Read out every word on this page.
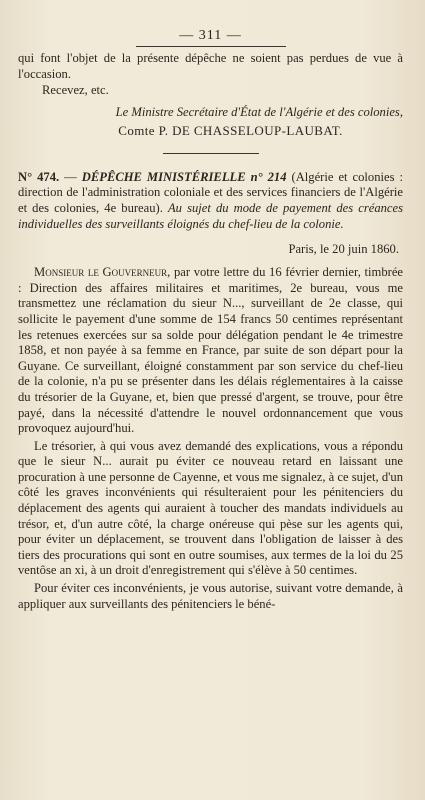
— 311 —

qui font l'objet de la présente dépêche ne soient pas perdues de vue à l'occasion.

Recevez, etc.

Le Ministre Secrétaire d'État de l'Algérie et des colonies,
Comte P. DE CHASSELOUP-LAUBAT.

N° 474. — DÉPÊCHE MINISTÉRIELLE n° 214 (Algérie et colonies : direction de l'administration coloniale et des services financiers de l'Algérie et des colonies, 4e bureau). Au sujet du mode de payement des créances individuelles des surveillants éloignés du chef-lieu de la colonie.

Paris, le 20 juin 1860.

Monsieur le Gouverneur, par votre lettre du 16 février dernier, timbrée : Direction des affaires militaires et maritimes, 2e bureau, vous me transmettez une réclamation du sieur N..., surveillant de 2e classe, qui sollicite le payement d'une somme de 154 francs 50 centimes représentant les retenues exercées sur sa solde pour délégation pendant le 4e trimestre 1858, et non payée à sa femme en France, par suite de son départ pour la Guyane. Ce surveillant, éloigné constamment par son service du chef-lieu de la colonie, n'a pu se présenter dans les délais réglementaires à la caisse du trésorier de la Guyane, et, bien que pressé d'argent, se trouve, pour être payé, dans la nécessité d'attendre le nouvel ordonnancement que vous provoquez aujourd'hui.

Le trésorier, à qui vous avez demandé des explications, vous a répondu que le sieur N... aurait pu éviter ce nouveau retard en laissant une procuration à une personne de Cayenne, et vous me signalez, à ce sujet, d'un côté les graves inconvénients qui résulteraient pour les pénitenciers du déplacement des agents qui auraient à toucher des mandats individuels au trésor, et, d'un autre côté, la charge onéreuse qui pèse sur les agents qui, pour éviter un déplacement, se trouvent dans l'obligation de laisser à des tiers des procurations qui sont en outre soumises, aux termes de la loi du 25 ventôse an xi, à un droit d'enregistrement qui s'élève à 50 centimes.

Pour éviter ces inconvénients, je vous autorise, suivant votre demande, à appliquer aux surveillants des pénitenciers le béné-
